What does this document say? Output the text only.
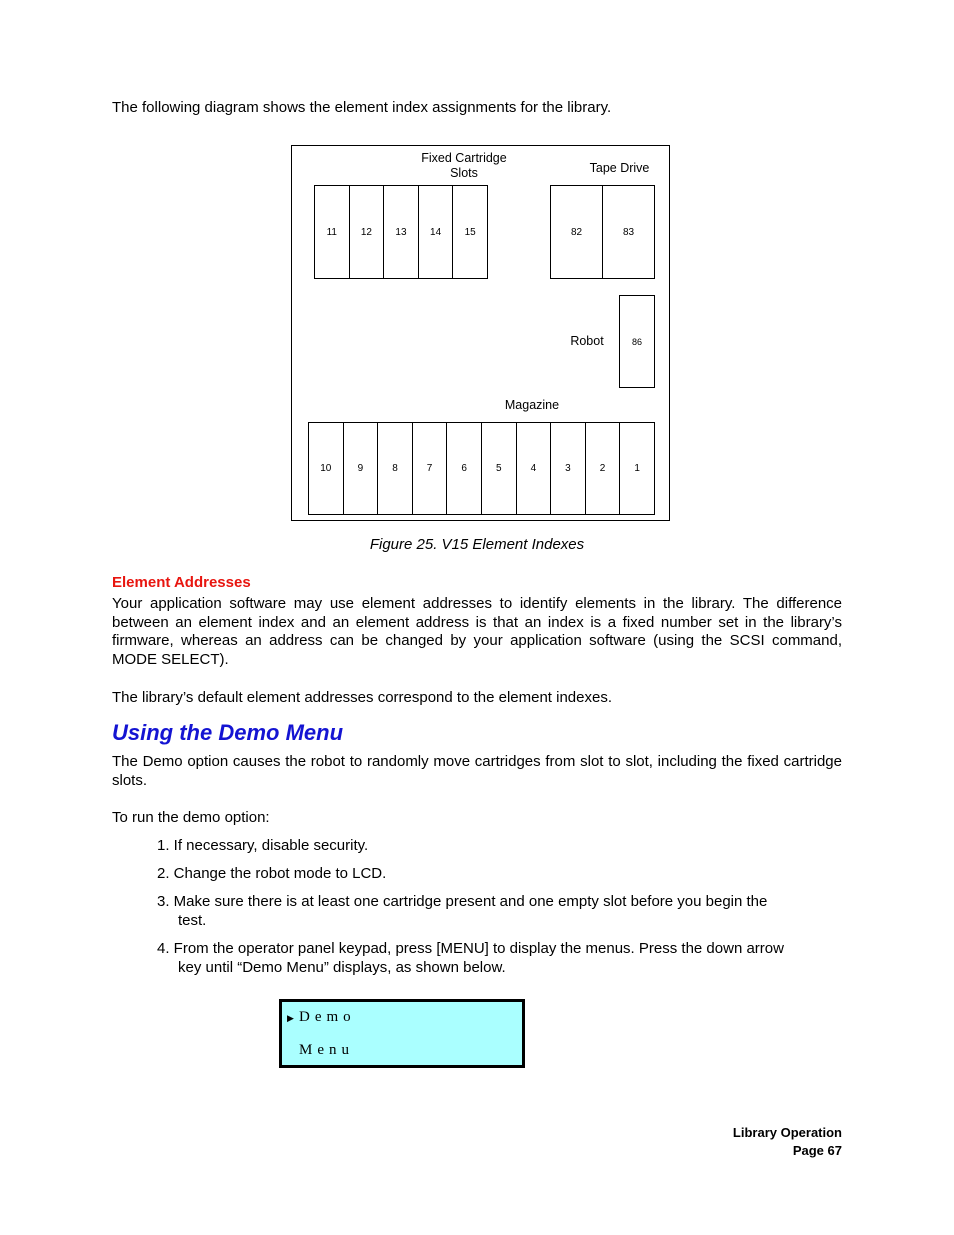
The following diagram shows the element index assignments for the library.
Fixed Cartridge
Slots	Tape Drive
11	12	13	14	15	82	83
Robot	86
Magazine
10	9	8	7	6	5	4	3	2	1
Figure 25. V15 Element Indexes
Element Addresses
Your application software may use element addresses to identify elements in the library. The difference between an element index and an element address is that an index is a fixed number set in the library’s firmware, whereas an address can be changed by your application software (using the SCSI command, MODE SELECT).
The library’s default element addresses correspond to the element indexes.
Using the Demo Menu
The Demo option causes the robot to randomly move cartridges from slot to slot, including the fixed cartridge slots.
To run the demo option:
1. If necessary, disable security.
2. Change the robot mode to LCD.
3. Make sure there is at least one cartridge present and one empty slot before you begin the
test.
4. From the operator panel keypad, press [MENU] to display the menus. Press the down arrow
key until “Demo Menu” displays, as shown below.
▶ Demo
Menu
Library Operation
Page 67
